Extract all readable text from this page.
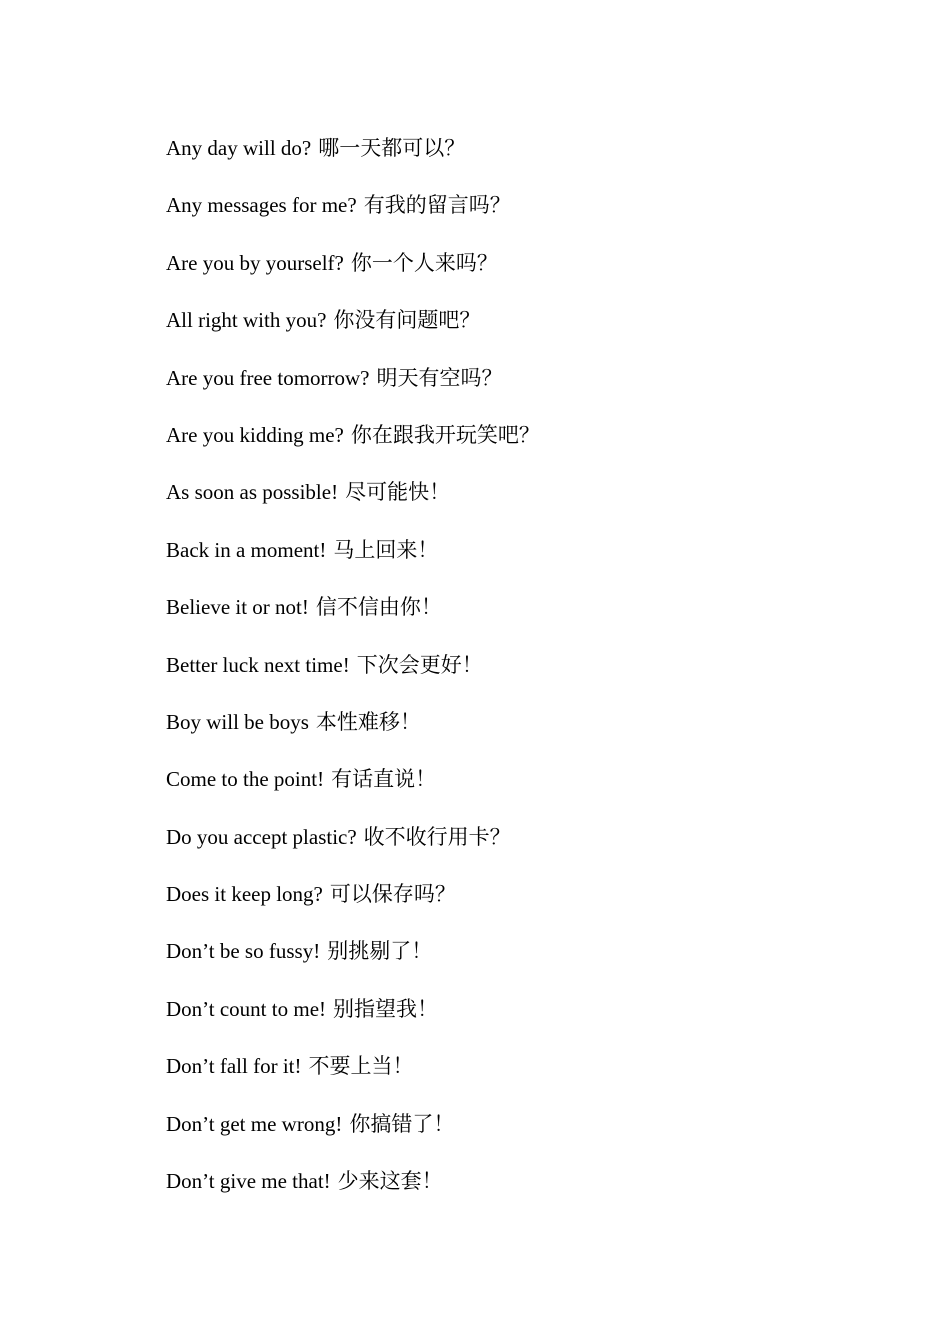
Any day will do? 哪一天都可以？
Any messages for me? 有我的留言吗？
Are you by yourself? 你一个人来吗？
All right with you? 你没有问题吧？
Are you free tomorrow? 明天有空吗？
Are you kidding me? 你在跟我开玩笑吧？
As soon as possible! 尽可能快！
Back in a moment! 马上回来！
Believe it or not! 信不信由你！
Better luck next time! 下次会更好！
Boy will be boys 本性难移！
Come to the point! 有话直说！
Do you accept plastic? 收不收行用卡？
Does it keep long? 可以保存吗？
Don’t be so fussy! 别挑剔了！
Don’t count to me! 别指望我！
Don’t fall for it! 不要上当！
Don’t get me wrong! 你搞错了！
Don’t give me that! 少来这套！
